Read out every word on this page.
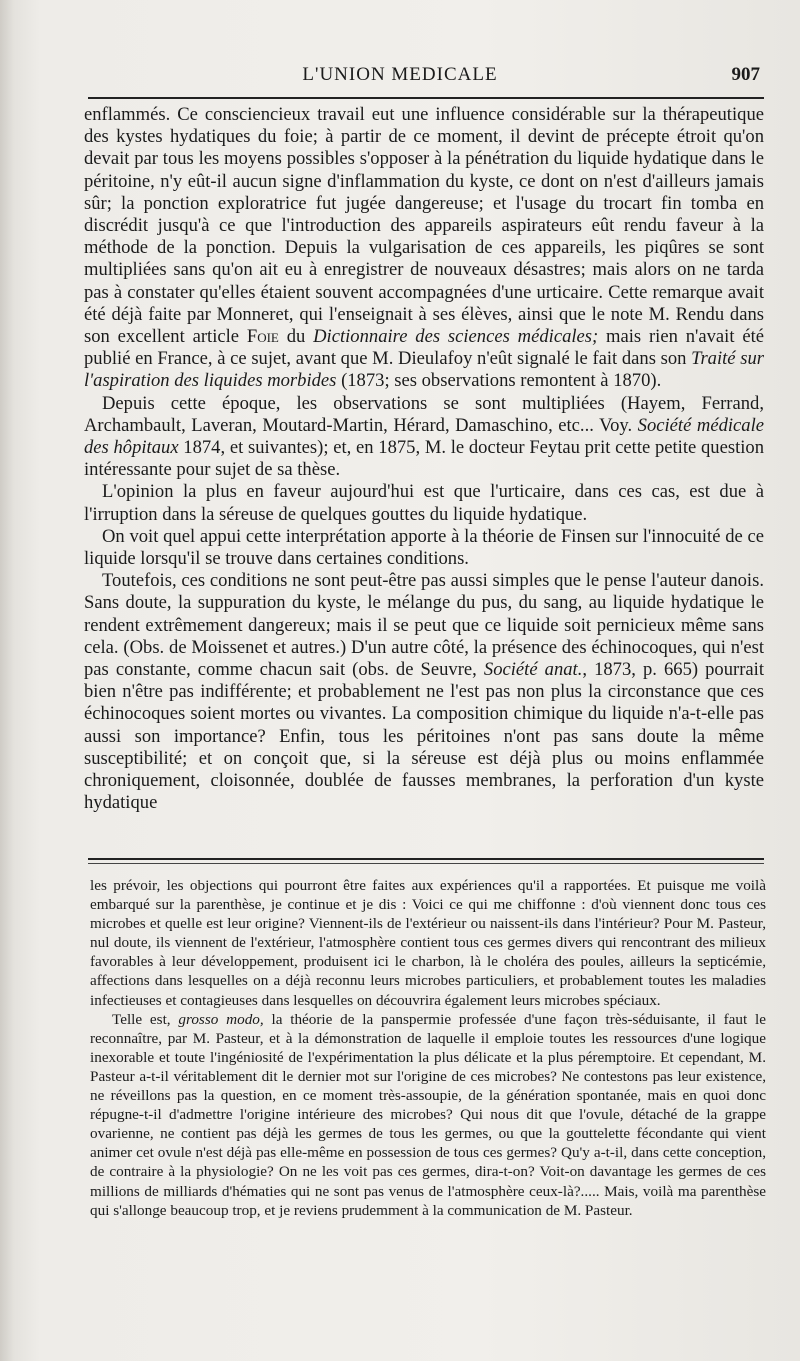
L'UNION MEDICALE	907

enflammés. Ce consciencieux travail eut une influence considérable sur la thérapeutique des kystes hydatiques du foie; à partir de ce moment, il devint de précepte étroit qu'on devait par tous les moyens possibles s'opposer à la pénétration du liquide hydatique dans le péritoine, n'y eût-il aucun signe d'inflammation du kyste, ce dont on n'est d'ailleurs jamais sûr; la ponction exploratrice fut jugée dangereuse; et l'usage du trocart fin tomba en discrédit jusqu'à ce que l'introduction des appareils aspirateurs eût rendu faveur à la méthode de la ponction. Depuis la vulgarisation de ces appareils, les piqûres se sont multipliées sans qu'on ait eu à enregistrer de nouveaux désastres; mais alors on ne tarda pas à constater qu'elles étaient souvent accompagnées d'une urticaire. Cette remarque avait été déjà faite par Monneret, qui l'enseignait à ses élèves, ainsi que le note M. Rendu dans son excellent article Foie du Dictionnaire des sciences médicales; mais rien n'avait été publié en France, à ce sujet, avant que M. Dieulafoy n'eût signalé le fait dans son Traité sur l'aspiration des liquides morbides (1873; ses observations remontent à 1870).

Depuis cette époque, les observations se sont multipliées (Hayem, Ferrand, Archambault, Laveran, Moutard-Martin, Hérard, Damaschino, etc... Voy. Société médicale des hôpitaux 1874, et suivantes); et, en 1875, M. le docteur Feytau prit cette petite question intéressante pour sujet de sa thèse.

L'opinion la plus en faveur aujourd'hui est que l'urticaire, dans ces cas, est due à l'irruption dans la séreuse de quelques gouttes du liquide hydatique.

On voit quel appui cette interprétation apporte à la théorie de Finsen sur l'innocuité de ce liquide lorsqu'il se trouve dans certaines conditions.

Toutefois, ces conditions ne sont peut-être pas aussi simples que le pense l'auteur danois. Sans doute, la suppuration du kyste, le mélange du pus, du sang, au liquide hydatique le rendent extrêmement dangereux; mais il se peut que ce liquide soit pernicieux même sans cela. (Obs. de Moissenet et autres.) D'un autre côté, la présence des échinocoques, qui n'est pas constante, comme chacun sait (obs. de Seuvre, Société anat., 1873, p. 665) pourrait bien n'être pas indifférente; et probablement ne l'est pas non plus la circonstance que ces échinocoques soient mortes ou vivantes. La composition chimique du liquide n'a-t-elle pas aussi son importance? Enfin, tous les péritoines n'ont pas sans doute la même susceptibilité; et on conçoit que, si la séreuse est déjà plus ou moins enflammée chroniquement, cloisonnée, doublée de fausses membranes, la perforation d'un kyste hydatique

les prévoir, les objections qui pourront être faites aux expériences qu'il a rapportées. Et puisque me voilà embarqué sur la parenthèse, je continue et je dis : Voici ce qui me chiffonne : d'où viennent donc tous ces microbes et quelle est leur origine? Viennent-ils de l'extérieur ou naissent-ils dans l'intérieur? Pour M. Pasteur, nul doute, ils viennent de l'extérieur, l'atmosphère contient tous ces germes divers qui rencontrant des milieux favorables à leur développement, produisent ici le charbon, là le choléra des poules, ailleurs la septicémie, affections dans lesquelles on a déjà reconnu leurs microbes particuliers, et probablement toutes les maladies infectieuses et contagieuses dans lesquelles on découvrira également leurs microbes spéciaux.

Telle est, grosso modo, la théorie de la panspermie professée d'une façon très-séduisante, il faut le reconnaître, par M. Pasteur, et à la démonstration de laquelle il emploie toutes les ressources d'une logique inexorable et toute l'ingéniosité de l'expérimentation la plus délicate et la plus péremptoire. Et cependant, M. Pasteur a-t-il véritablement dit le dernier mot sur l'origine de ces microbes? Ne contestons pas leur existence, ne réveillons pas la question, en ce moment très-assoupie, de la génération spontanée, mais en quoi donc répugne-t-il d'admettre l'origine intérieure des microbes? Qui nous dit que l'ovule, détaché de la grappe ovarienne, ne contient pas déjà les germes de tous les germes, ou que la gouttelette fécondante qui vient animer cet ovule n'est déjà pas elle-même en possession de tous ces germes? Qu'y a-t-il, dans cette conception, de contraire à la physiologie? On ne les voit pas ces germes, dira-t-on? Voit-on davantage les germes de ces millions de milliards d'hématies qui ne sont pas venus de l'atmosphère ceux-là?..... Mais, voilà ma parenthèse qui s'allonge beaucoup trop, et je reviens prudemment à la communication de M. Pasteur.
